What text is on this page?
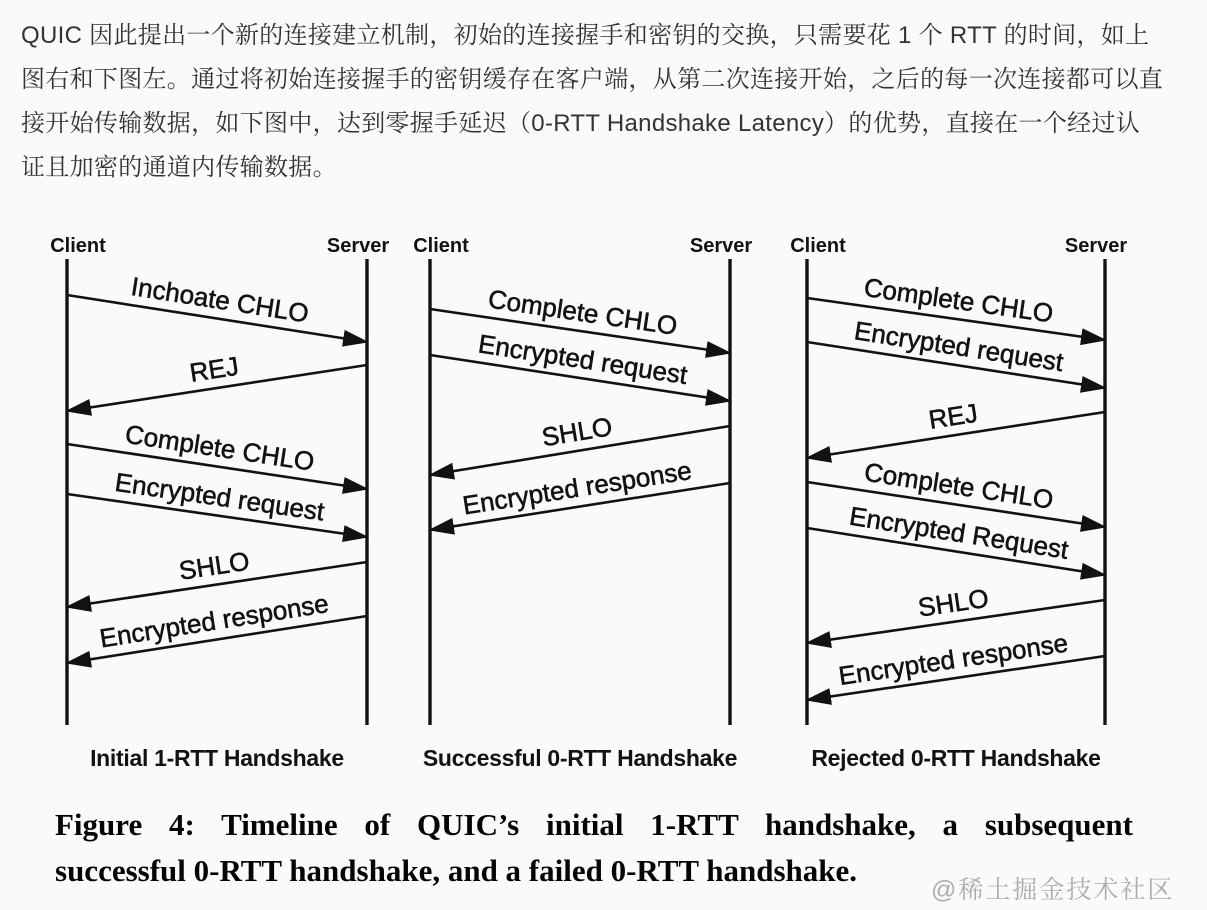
QUIC 因此提出一个新的连接建立机制，初始的连接握手和密钥的交换，只需要花 1 个 RTT 的时间，如上
图右和下图左。通过将初始连接握手的密钥缓存在客户端，从第二次连接开始，之后的每一次连接都可以直
接开始传输数据，如下图中，达到零握手延迟（0-RTT Handshake Latency）的优势，直接在一个经过认
证且加密的通道内传输数据。
Client	Server
Inchoate CHLO
REJ
Complete CHLO
Encrypted request
SHLO
Encrypted response
Initial 1-RTT Handshake
Client	Server
Complete CHLO
Encrypted request
SHLO
Encrypted response
Successful 0-RTT Handshake
Client	Server
Complete CHLO
Encrypted request
REJ
Complete CHLO
Encrypted Request
SHLO
Encrypted response
Rejected 0-RTT Handshake
Figure 4: Timeline of QUIC’s initial 1-RTT handshake, a subsequent
successful 0-RTT handshake, and a failed 0-RTT handshake.
@稀土掘金技术社区
